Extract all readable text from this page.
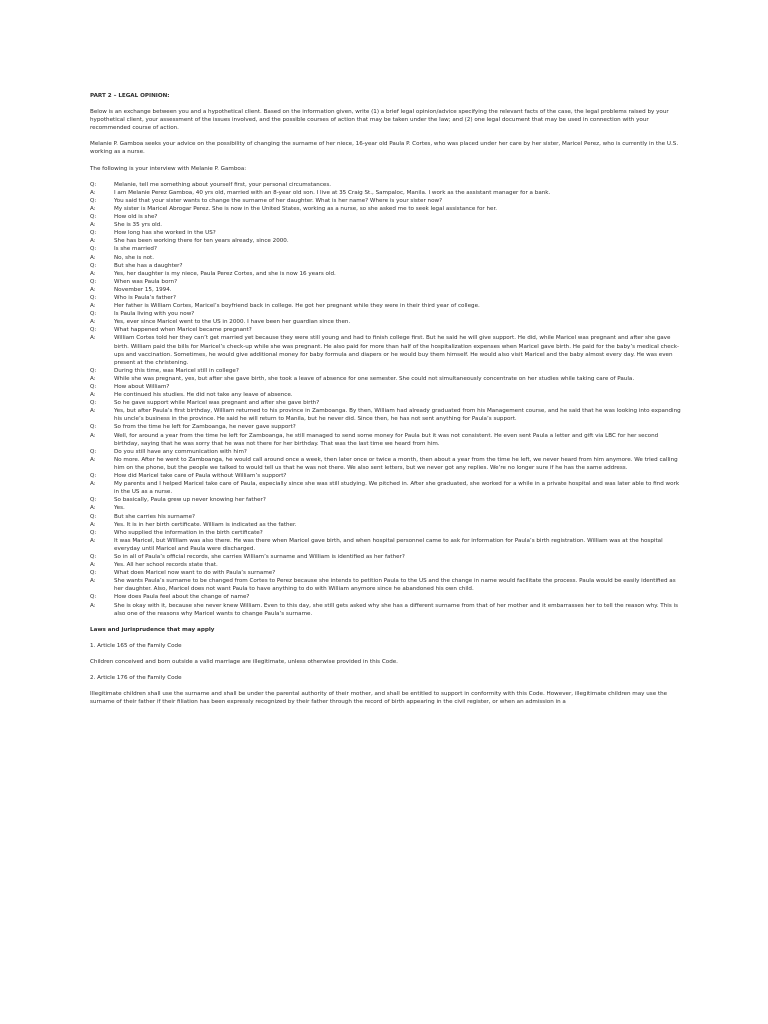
PART 2 – LEGAL OPINION:
Below is an exchange between you and a hypothetical client. Based on the information given, write (1) a brief legal opinion/advice specifying the relevant facts of the case, the legal problems raised by your hypothetical client, your assessment of the issues involved, and the possible courses of action that may be taken under the law; and (2) one legal document that may be used in connection with your recommended course of action.
Melanie P. Gamboa seeks your advice on the possibility of changing the surname of her niece, 16-year old Paula P. Cortes, who was placed under her care by her sister, Maricel Perez, who is currently in the U.S. working as a nurse.
The following is your interview with Melanie P. Gamboa:
Q:	Melanie, tell me something about yourself first, your personal circumstances.
A:	I am Melanie Perez Gamboa, 40 yrs old, married with an 8-year old son. I live at 35 Craig St., Sampaloc, Manila. I work as the assistant manager for a bank.
Q:	You said that your sister wants to change the surname of her daughter. What is her name? Where is your sister now?
A:	My sister is Maricel Abrogar Perez. She is now in the United States, working as a nurse, so she asked me to seek legal assistance for her.
Q:	How old is she?
A:	She is 35 yrs old.
Q:	How long has she worked in the US?
A:	She has been working there for ten years already, since 2000.
Q:	Is she married?
A:	No, she is not.
Q:	But she has a daughter?
A:	Yes, her daughter is my niece, Paula Perez Cortes, and she is now 16 years old.
Q:	When was Paula born?
A:	November 15, 1994.
Q:	Who is Paula’s father?
A:	Her father is William Cortes, Maricel’s boyfriend back in college. He got her pregnant while they were in their third year of college.
Q:	Is Paula living with you now?
A:	Yes, ever since Maricel went to the US in 2000. I have been her guardian since then.
Q:	What happened when Maricel became pregnant?
A:	William Cortes told her they can’t get married yet because they were still young and had to finish college first. But he said he will give support. He did, while Maricel was pregnant and after she gave birth. William paid the bills for Maricel’s check-up while she was pregnant. He also paid for more than half of the hospitalization expenses when Maricel gave birth. He paid for the baby’s medical check-ups and vaccination. Sometimes, he would give additional money for baby formula and diapers or he would buy them himself. He would also visit Maricel and the baby almost every day. He was even present at the christening.
Q:	During this time, was Maricel still in college?
A:	While she was pregnant, yes, but after she gave birth, she took a leave of absence for one semester. She could not simultaneously concentrate on her studies while taking care of Paula.
Q:	How about William?
A:	He continued his studies. He did not take any leave of absence.
Q:	So he gave support while Maricel was pregnant and after she gave birth?
A:	Yes, but after Paula’s first birthday, William returned to his province in Zamboanga. By then, William had already graduated from his Management course, and he said that he was looking into expanding his uncle’s business in the province. He said he will return to Manila, but he never did. Since then, he has not sent anything for Paula’s support.
Q:	So from the time he left for Zamboanga, he never gave support?
A:	Well, for around a year from the time he left for Zamboanga, he still managed to send some money for Paula but it was not consistent. He even sent Paula a letter and gift via LBC for her second birthday, saying that he was sorry that he was not there for her birthday. That was the last time we heard from him.
Q:	Do you still have any communication with him?
A:	No more. After he went to Zamboanga, he would call around once a week, then later once or twice a month, then about a year from the time he left, we never heard from him anymore. We tried calling him on the phone, but the people we talked to would tell us that he was not there. We also sent letters, but we never got any replies. We’re no longer sure if he has the same address.
Q:	How did Maricel take care of Paula without William’s support?
A:	My parents and I helped Maricel take care of Paula, especially since she was still studying. We pitched in. After she graduated, she worked for a while in a private hospital and was later able to find work in the US as a nurse.
Q:	So basically, Paula grew up never knowing her father?
A:	Yes.
Q:	But she carries his surname?
A:	Yes. It is in her birth certificate. William is indicated as the father.
Q:	Who supplied the information in the birth certificate?
A:	It was Maricel, but William was also there. He was there when Maricel gave birth, and when hospital personnel came to ask for information for Paula’s birth registration. William was at the hospital everyday until Maricel and Paula were discharged.
Q:	So in all of Paula’s official records, she carries William’s surname and William is identified as her father?
A:	Yes. All her school records state that.
Q:	What does Maricel now want to do with Paula’s surname?
A:	She wants Paula’s surname to be changed from Cortes to Perez because she intends to petition Paula to the US and the change in name would facilitate the process. Paula would be easily identified as her daughter. Also, Maricel does not want Paula to have anything to do with William anymore since he abandoned his own child.
Q:	How does Paula feel about the change of name?
A:	She is okay with it, because she never knew William. Even to this day, she still gets asked why she has a different surname from that of her mother and it embarrasses her to tell the reason why. This is also one of the reasons why Maricel wants to change Paula’s surname.
Laws and jurisprudence that may apply
1. Article 165 of the Family Code
Children conceived and born outside a valid marriage are illegitimate, unless otherwise provided in this Code.
2. Article 176 of the Family Code
Illegitimate children shall use the surname and shall be under the parental authority of their mother, and shall be entitled to support in conformity with this Code. However, illegitimate children may use the surname of their father if their filiation has been expressly recognized by their father through the record of birth appearing in the civil register, or when an admission in a
